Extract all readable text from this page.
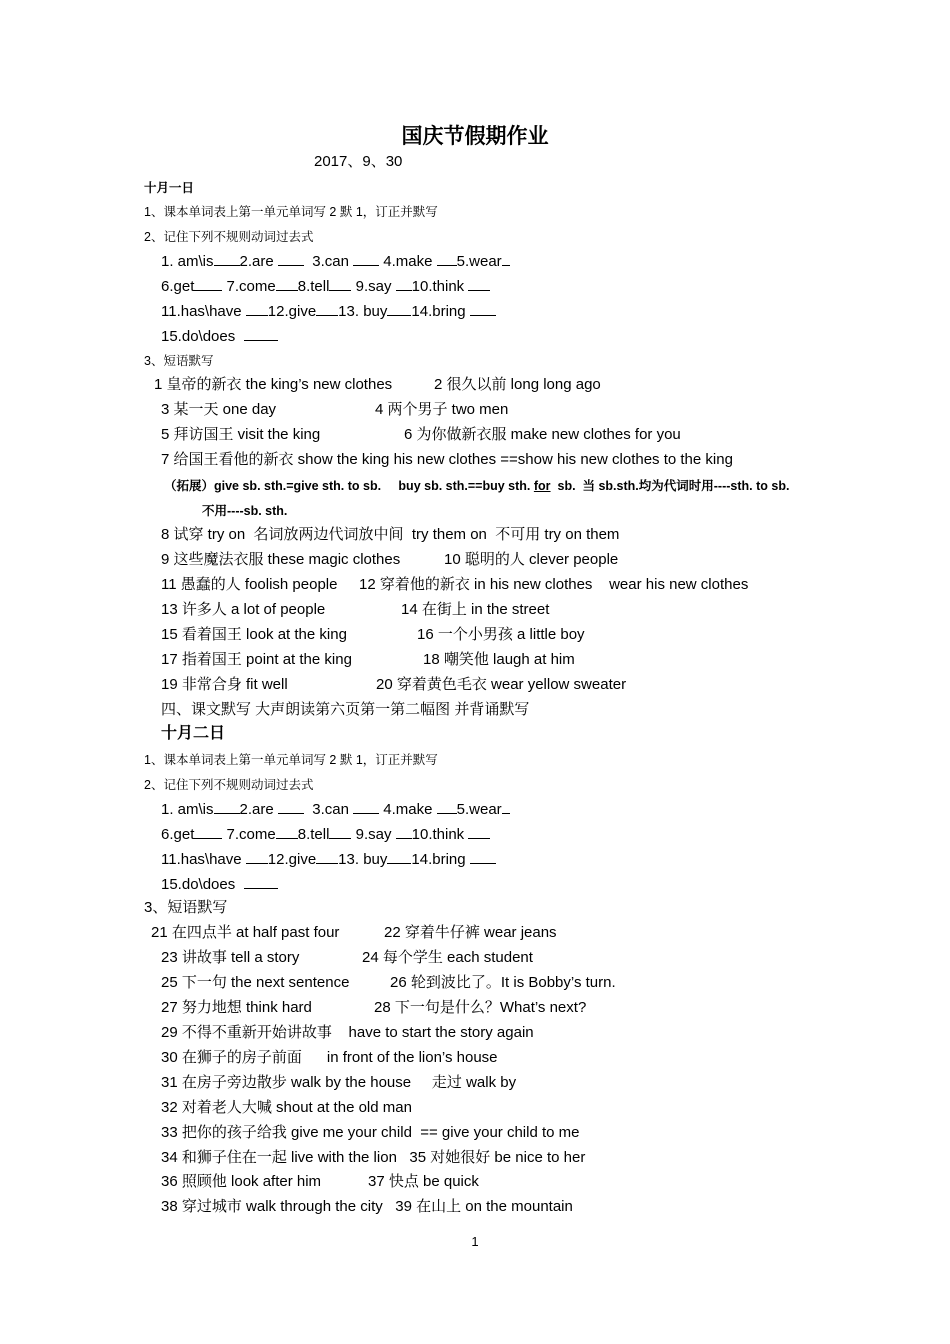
国庆节假期作业
2017、9、30
十月一日
1、课本单词表上第一单元单词写 2 默 1，订正并默写
2、记住下列不规则动词过去式
1. am\is 2.are	3.can 4.make 5.wear
6.get 7.come 8.tell 9.say 10.think
11.has\have 12.give 13. buy 14.bring
15.do\does
3、短语默写
1 皇帝的新衣 the king’s new clothes	2 很久以前 long long ago
3 某一天 one day	4 两个男子 two men
5 拜访国王 visit the king	6 为你做新衣服 make new clothes for you
7 给国王看他的新衣 show the king his new clothes ==show his new clothes to the king
（拓展）give sb. sth.=give sth. to sb.     buy sb. sth.==buy sth. for  sb.  当 sb.sth.均为代词时用----sth. to sb.
不用----sb. sth.
8 试穿 try on  名词放两边代词放中间  try them on  不可用 try on them
9 这些魔法衣服 these magic clothes	10 聪明的人 clever people
11 愚蠢的人 foolish people 12 穿着他的新衣 in his new clothes    wear his new clothes
13 许多人 a lot of people	14 在街上 in the street
15 看着国王 look at the king	16 一个小男孩 a little boy
17 指着国王 point at the king	18 嘲笑他 laugh at him
19 非常合身 fit well	20 穿着黄色毛衣 wear yellow sweater
四、课文默写 大声朗读第六页第一第二幅图 并背诵默写
十月二日
1、课本单词表上第一单元单词写 2 默 1，订正并默写
2、记住下列不规则动词过去式
1. am\is 2.are	3.can 4.make 5.wear
6.get 7.come 8.tell 9.say 10.think
11.has\have 12.give 13. buy 14.bring
15.do\does
3、短语默写
21 在四点半 at half past four	22 穿着牛仔裤 wear jeans
23 讲故事 tell a story	24 每个学生 each student
25 下一句 the next sentence	26 轮到波比了。It is Bobby’s turn.
27 努力地想 think hard	28 下一句是什么？What’s next?
29 不得不重新开始讲故事    have to start the story again
30 在狮子的房子前面      in front of the lion’s house
31 在房子旁边散步 walk by the house     走过 walk by
32 对着老人大喊 shout at the old man
33 把你的孩子给我 give me your child  == give your child to me
34 和狮子住在一起 live with the lion   35 对她很好 be nice to her
36 照顾他 look after him	37 快点 be quick
38 穿过城市 walk through the city   39 在山上 on the mountain
1
